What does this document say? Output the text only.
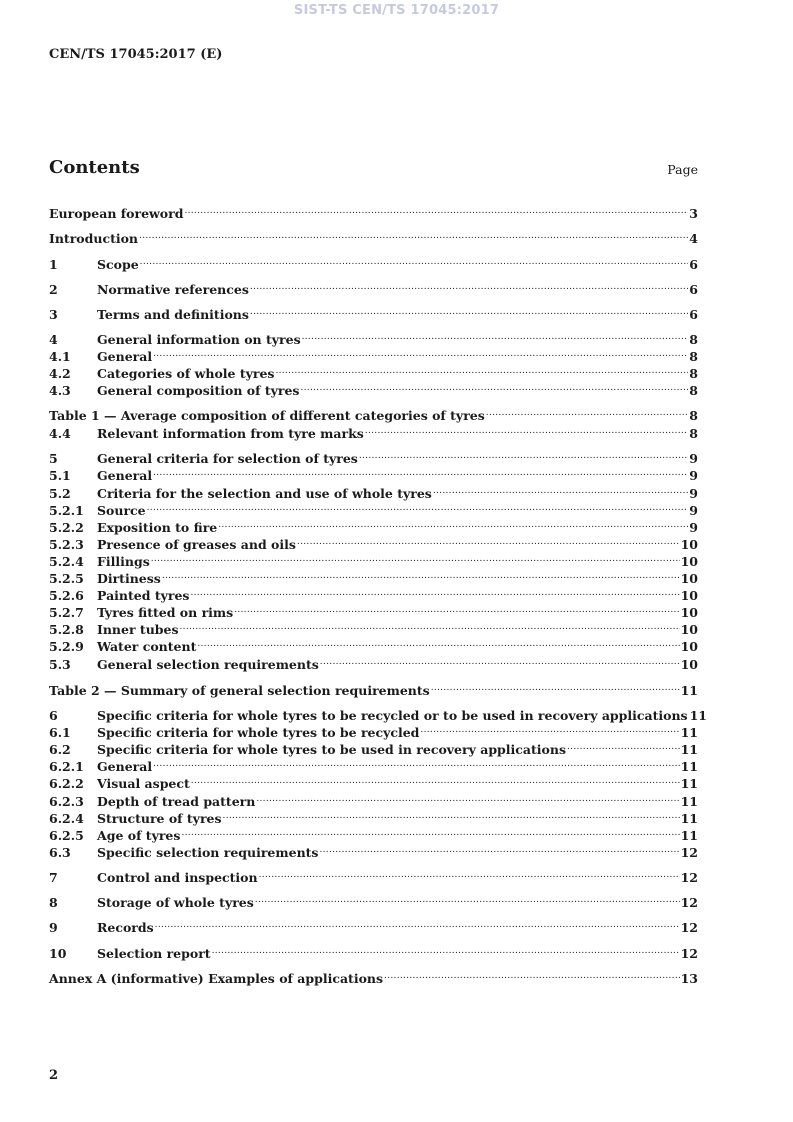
SIST-TS CEN/TS 17045:2017
CEN/TS 17045:2017 (E)
Contents	Page
European foreword .....	3
Introduction .....	4
1	Scope .....	6
2	Normative references .....	6
3	Terms and definitions .....	6
4	General information on tyres .....	8
4.1	General .....	8
4.2	Categories of whole tyres .....	8
4.3	General composition of tyres .....	8
Table 1 — Average composition of different categories of tyres .....	8
4.4	Relevant information from tyre marks .....	8
5	General criteria for selection of tyres .....	9
5.1	General .....	9
5.2	Criteria for the selection and use of whole tyres .....	9
5.2.1	Source .....	9
5.2.2	Exposition to fire .....	9
5.2.3	Presence of greases and oils .....	10
5.2.4	Fillings .....	10
5.2.5	Dirtiness .....	10
5.2.6	Painted tyres .....	10
5.2.7	Tyres fitted on rims .....	10
5.2.8	Inner tubes .....	10
5.2.9	Water content .....	10
5.3	General selection requirements .....	10
Table 2 — Summary of general selection requirements .....	11
6	Specific criteria for whole tyres to be recycled or to be used in recovery applications 11
6.1	Specific criteria for whole tyres to be recycled .....	11
6.2	Specific criteria for whole tyres to be used in recovery applications .....	11
6.2.1	General .....	11
6.2.2	Visual aspect .....	11
6.2.3	Depth of tread pattern .....	11
6.2.4	Structure of tyres .....	11
6.2.5	Age of tyres .....	11
6.3	Specific selection requirements .....	12
7	Control and inspection .....	12
8	Storage of whole tyres .....	12
9	Records .....	12
10	Selection report .....	12
Annex A (informative) Examples of applications .....	13
2
